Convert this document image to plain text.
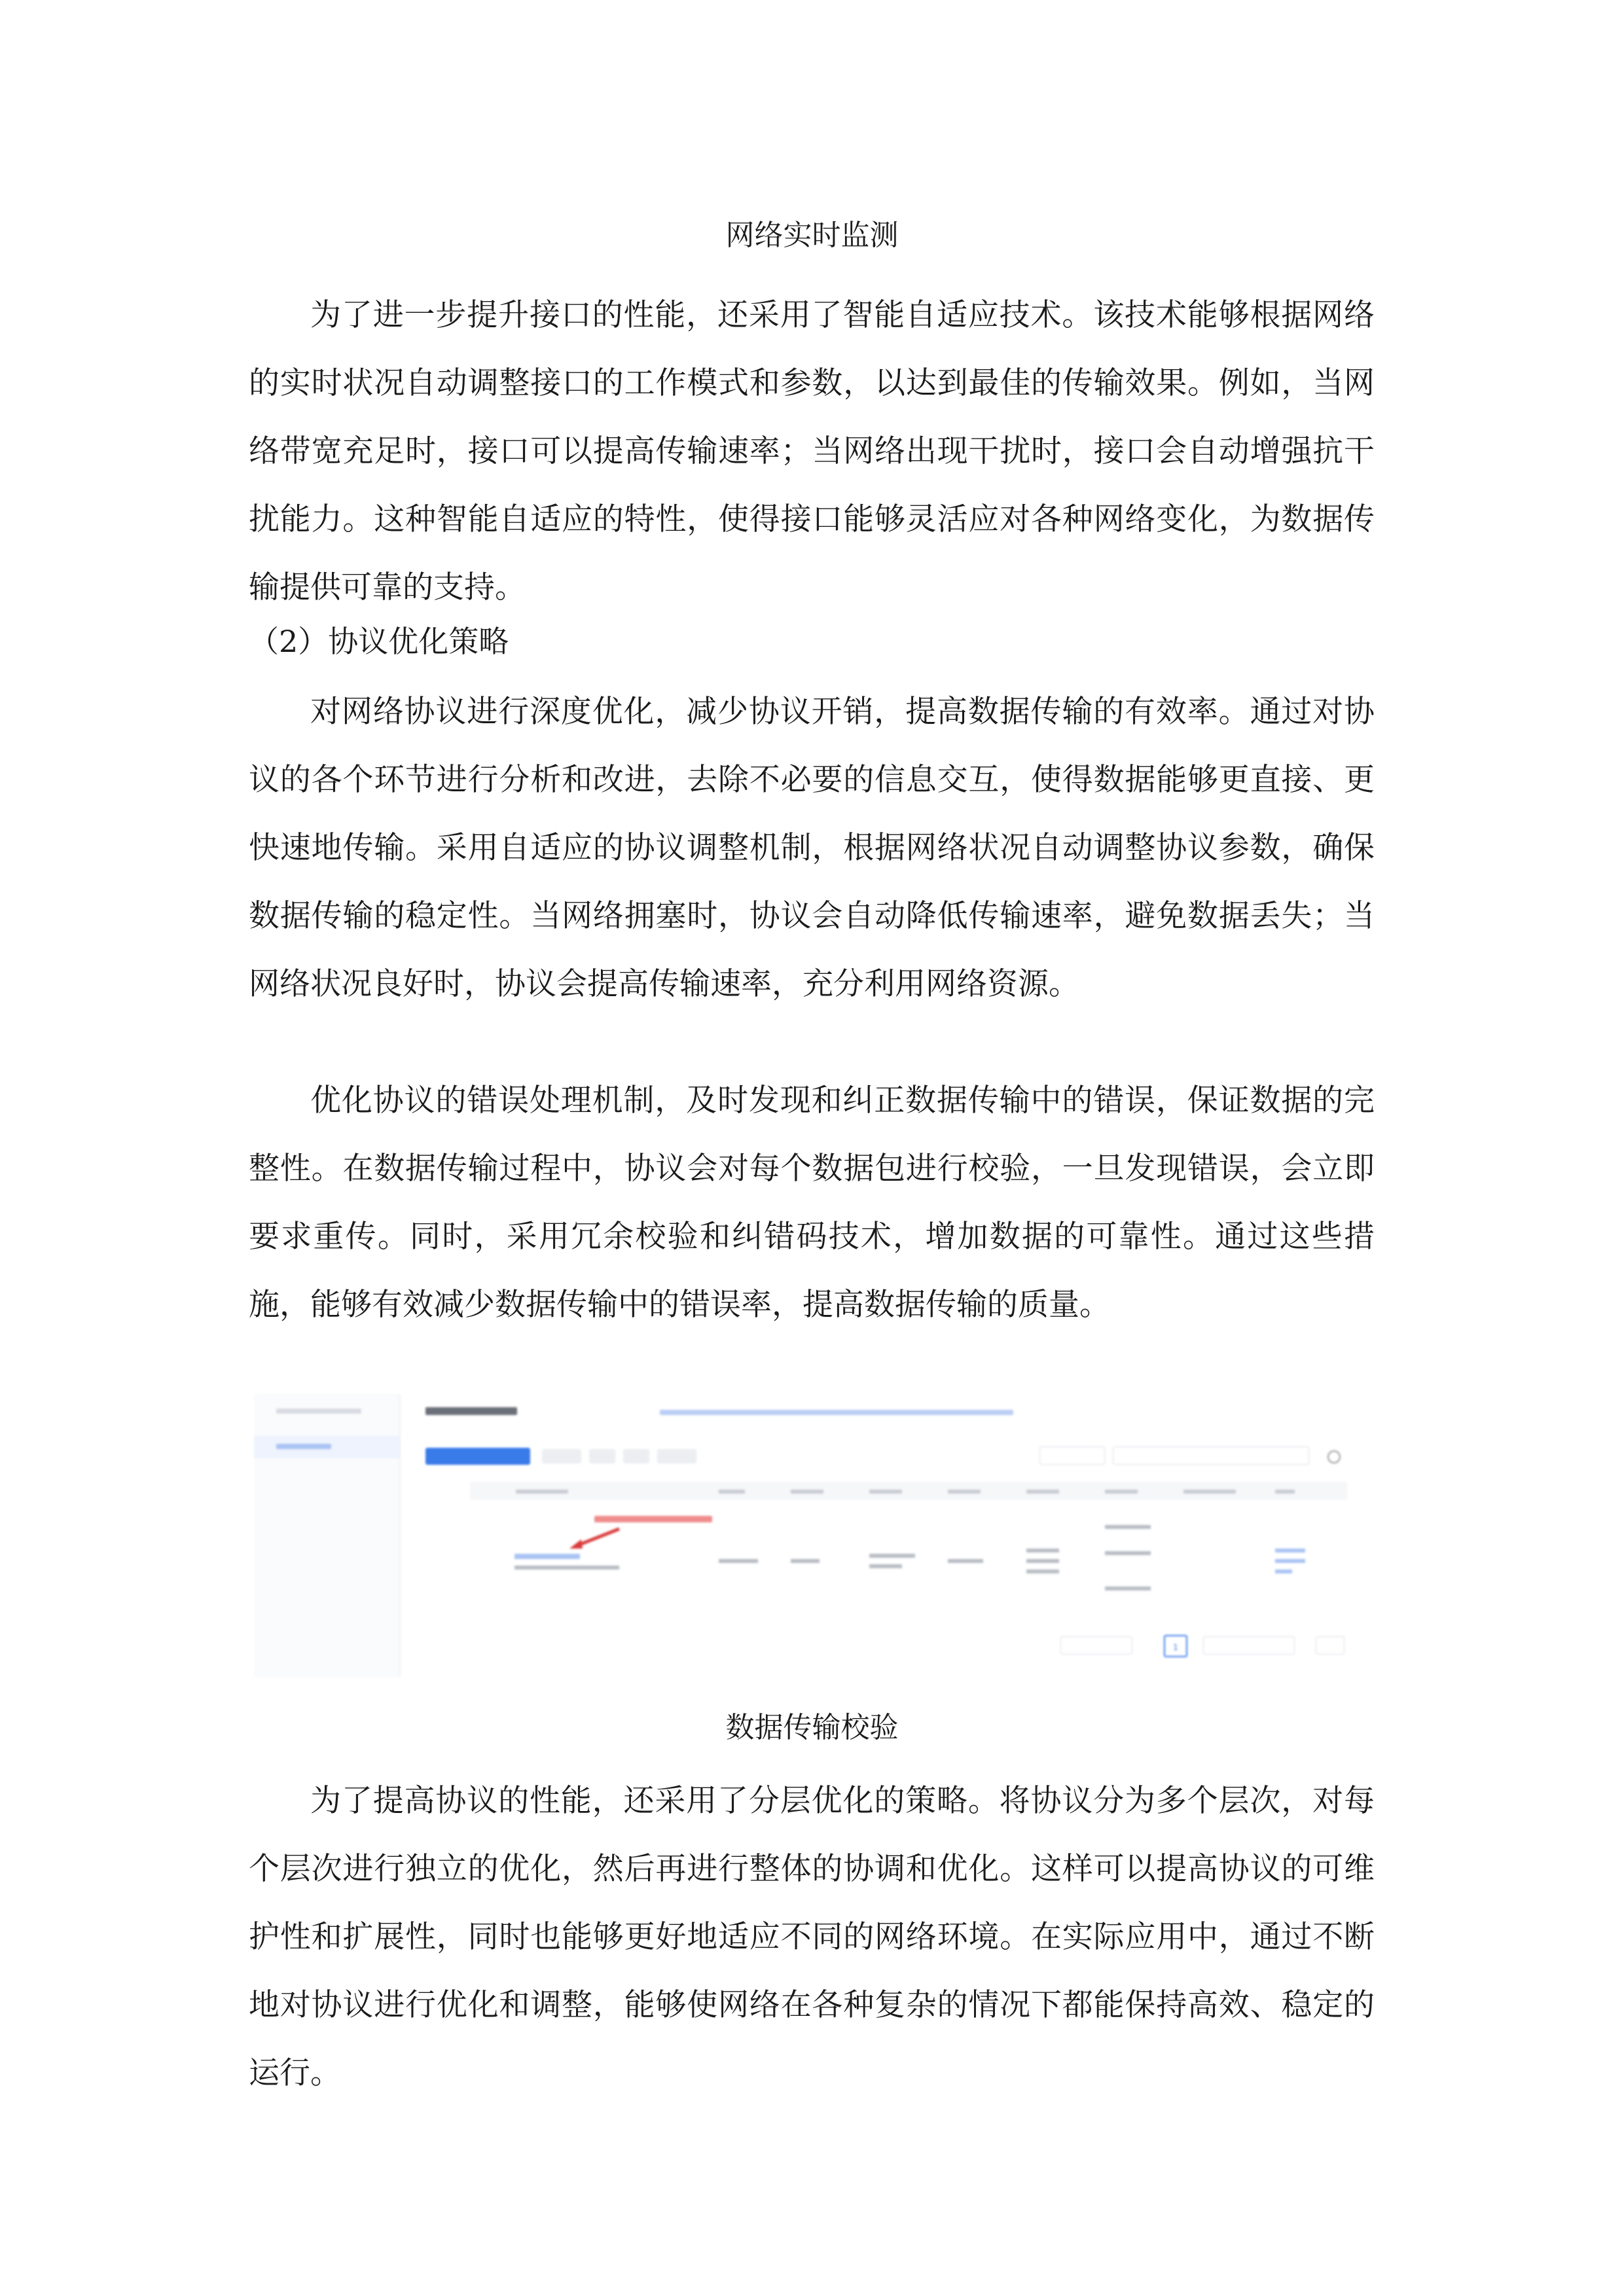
网络实时监测

为了进一步提升接口的性能，还采用了智能自适应技术。该技术能够根据网络的实时状况自动调整接口的工作模式和参数，以达到最佳的传输效果。例如，当网络带宽充足时，接口可以提高传输速率；当网络出现干扰时，接口会自动增强抗干扰能力。这种智能自适应的特性，使得接口能够灵活应对各种网络变化，为数据传输提供可靠的支持。

（2）协议优化策略

对网络协议进行深度优化，减少协议开销，提高数据传输的有效率。通过对协议的各个环节进行分析和改进，去除不必要的信息交互，使得数据能够更直接、更快速地传输。采用自适应的协议调整机制，根据网络状况自动调整协议参数，确保数据传输的稳定性。当网络拥塞时，协议会自动降低传输速率，避免数据丢失；当网络状况良好时，协议会提高传输速率，充分利用网络资源。

优化协议的错误处理机制，及时发现和纠正数据传输中的错误，保证数据的完整性。在数据传输过程中，协议会对每个数据包进行校验，一旦发现错误，会立即要求重传。同时，采用冗余校验和纠错码技术，增加数据的可靠性。通过这些措施，能够有效减少数据传输中的错误率，提高数据传输的质量。

1
数据传输校验

为了提高协议的性能，还采用了分层优化的策略。将协议分为多个层次，对每个层次进行独立的优化，然后再进行整体的协调和优化。这样可以提高协议的可维护性和扩展性，同时也能够更好地适应不同的网络环境。在实际应用中，通过不断地对协议进行优化和调整，能够使网络在各种复杂的情况下都能保持高效、稳定的运行。
